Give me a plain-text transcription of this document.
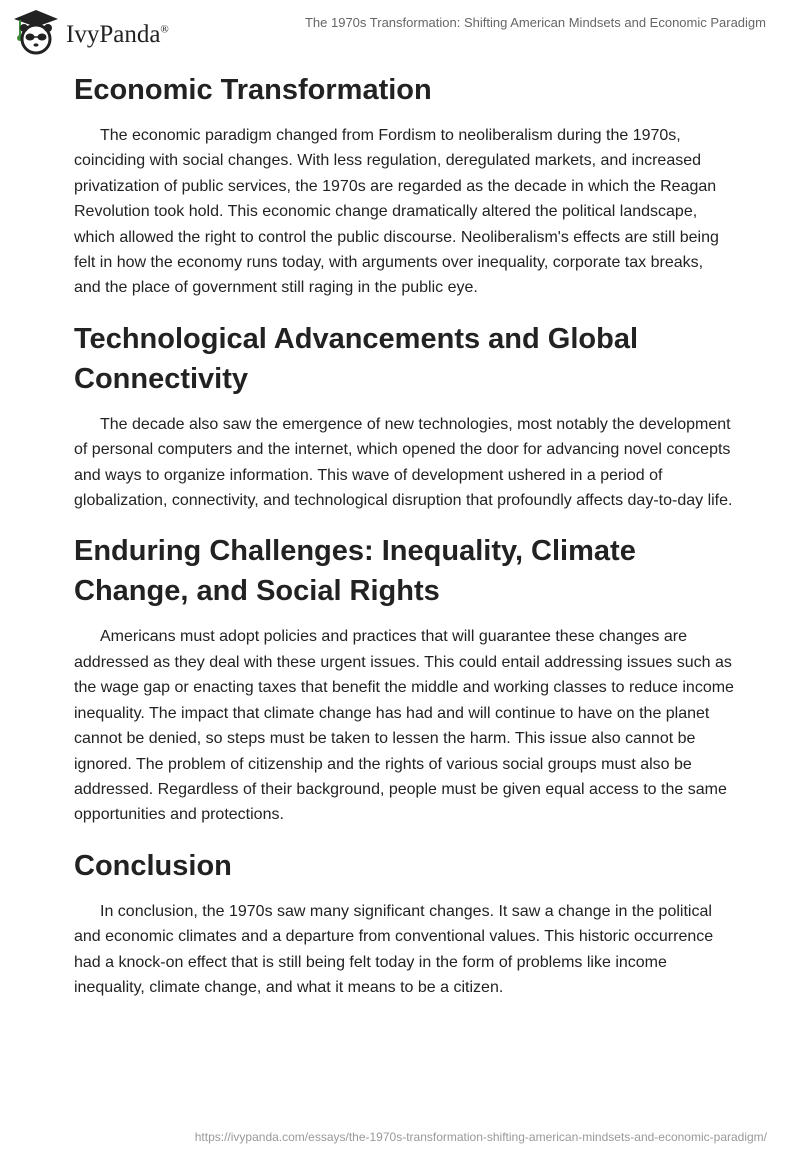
IvyPanda®	The 1970s Transformation: Shifting American Mindsets and Economic Paradigm
Economic Transformation

The economic paradigm changed from Fordism to neoliberalism during the 1970s, coinciding with social changes. With less regulation, deregulated markets, and increased privatization of public services, the 1970s are regarded as the decade in which the Reagan Revolution took hold. This economic change dramatically altered the political landscape, which allowed the right to control the public discourse. Neoliberalism's effects are still being felt in how the economy runs today, with arguments over inequality, corporate tax breaks, and the place of government still raging in the public eye.

Technological Advancements and Global Connectivity

The decade also saw the emergence of new technologies, most notably the development of personal computers and the internet, which opened the door for advancing novel concepts and ways to organize information. This wave of development ushered in a period of globalization, connectivity, and technological disruption that profoundly affects day-to-day life.

Enduring Challenges: Inequality, Climate Change, and Social Rights

Americans must adopt policies and practices that will guarantee these changes are addressed as they deal with these urgent issues. This could entail addressing issues such as the wage gap or enacting taxes that benefit the middle and working classes to reduce income inequality. The impact that climate change has had and will continue to have on the planet cannot be denied, so steps must be taken to lessen the harm. This issue also cannot be ignored. The problem of citizenship and the rights of various social groups must also be addressed. Regardless of their background, people must be given equal access to the same opportunities and protections.

Conclusion

In conclusion, the 1970s saw many significant changes. It saw a change in the political and economic climates and a departure from conventional values. This historic occurrence had a knock-on effect that is still being felt today in the form of problems like income inequality, climate change, and what it means to be a citizen.

https://ivypanda.com/essays/the-1970s-transformation-shifting-american-mindsets-and-economic-paradigm/
